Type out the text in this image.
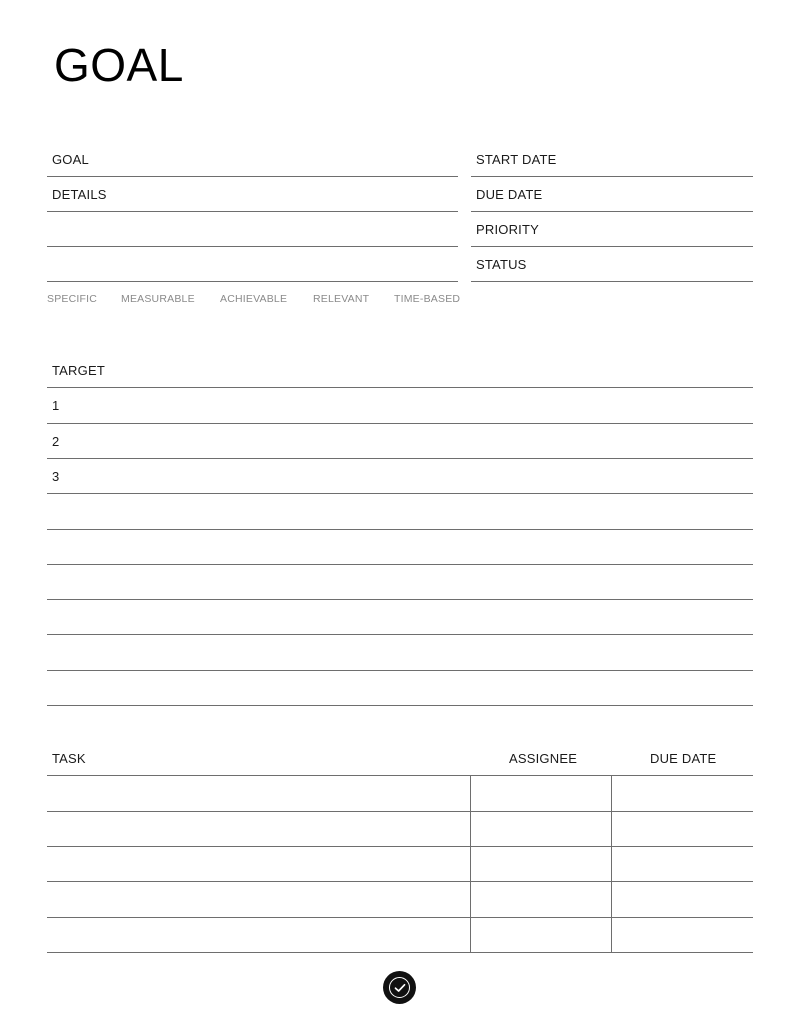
GOAL
GOAL
DETAILS
START DATE
DUE DATE
PRIORITY
STATUS
SPECIFIC MEASURABLE ACHIEVABLE RELEVANT TIME-BASED
TARGET
1
2
3
TASK	ASSIGNEE	DUE DATE
